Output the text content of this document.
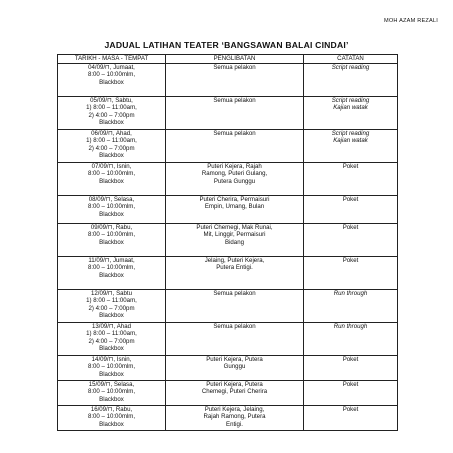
MOH AZAM REZALI
JADUAL LATIHAN TEATER ‘BANGSAWAN BALAI CINDAI’
TARIKH - MASA - TEMPAT	PENGLIBATAN	CATATAN

04/09/⊓, Jumaat,
8:00 – 10:00mlm,
Blackbox	Semua pelakon	Script reading

05/09/⊓, Sabtu,
1) 8:00 – 11:00am,
2) 4:00 – 7:00pm
Blackbox	Semua pelakon	Script reading
Kajian watak

06/09/⊓, Ahad,
1) 8:00 – 11:00am,
2) 4:00 – 7:00pm
Blackbox	Semua pelakon	Script reading
Kajian watak

07/09/⊓, Isnin,
8:00 – 10:00mlm,
Blackbox	Puteri Kejera, Rajah
Ramong, Puteri Gulang,
Putera Gunggu	Poket

08/09/⊓, Selasa,
8:00 – 10:00mlm,
Blackbox	Puteri Cherira, Permaisuri
Empin, Umang, Bulan	Poket

09/09/⊓, Rabu,
8:00 – 10:00mlm,
Blackbox	Puteri Chemegi, Mak Runai,
Mit, Linggir, Permaisuri
Bidang	Poket

11/09/⊓, Jumaat,
8:00 – 10:00mlm,
Blackbox	Jelaing, Puteri Kejera,
Putera Entigi.	Poket

12/09/⊓, Sabtu
1) 8:00 – 11:00am,
2) 4:00 – 7:00pm
Blackbox	Semua pelakon	Run through

13/09/⊓, Ahad
1) 8:00 – 11:00am,
2) 4:00 – 7:00pm
Blackbox	Semua pelakon	Run through

14/09/⊓, Isnin,
8:00 – 10:00mlm,
Blackbox	Puteri Kejera, Putera
Gunggu	Poket

15/09/⊓, Selasa,
8:00 – 10:00mlm,
Blackbox	Puteri Kejera, Putera
Chemegi, Puteri Cherira	Poket

16/09/⊓, Rabu,
8:00 – 10:00mlm,
Blackbox	Puteri Kejera, Jelaing,
Rajah Ramong, Putera
Entigi.	Poket
